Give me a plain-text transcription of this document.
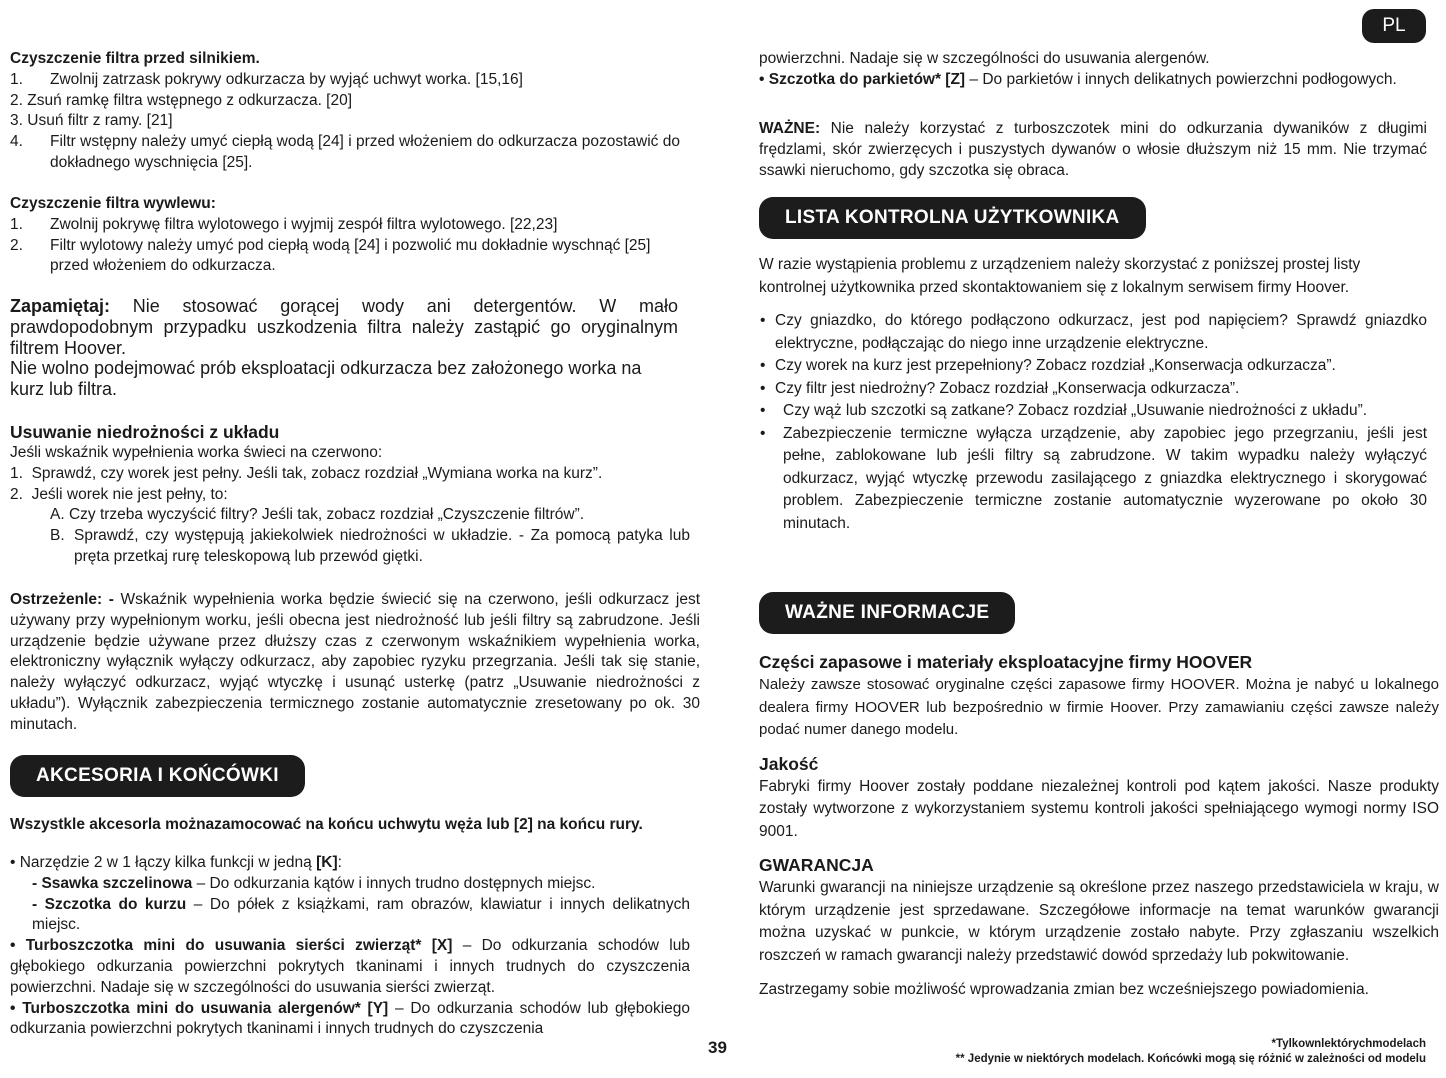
PL
Czyszczenie filtra przed silnikiem.
1. Zwolnij zatrzask pokrywy odkurzacza by wyjąć uchwyt worka. [15,16]
2. Zsuń ramkę filtra wstępnego z odkurzacza. [20]
3. Usuń filtr z ramy. [21]
4. Filtr wstępny należy umyć ciepłą wodą [24] i przed włożeniem do odkurzacza pozostawić do dokładnego wyschnięcia [25].
Czyszczenie filtra wywlewu:
1. Zwolnij pokrywę filtra wylotowego i wyjmij zespół filtra wylotowego. [22,23]
2. Filtr wylotowy należy umyć pod ciepłą wodą [24] i pozwolić mu dokładnie wyschnąć [25] przed włożeniem do odkurzacza.
Zapamiętaj: Nie stosować gorącej wody ani detergentów. W mało prawdopodobnym przypadku uszkodzenia filtra należy zastąpić go oryginalnym filtrem Hoover.
Nie wolno podejmować prób eksploatacji odkurzacza bez założonego worka na kurz lub filtra.
Usuwanie niedrożności z układu
Jeśli wskaźnik wypełnienia worka świeci na czerwono:
1. Sprawdź, czy worek jest pełny. Jeśli tak, zobacz rozdział „Wymiana worka na kurz”.
2. Jeśli worek nie jest pełny, to:
A. Czy trzeba wyczyścić filtry? Jeśli tak, zobacz rozdział „Czyszczenie filtrów”.
B. Sprawdź, czy występują jakiekolwiek niedrożności w układzie. - Za pomocą patyka lub pręta przetkaj rurę teleskopową lub przewód giętki.
Ostrzeżenle: - Wskaźnik wypełnienia worka będzie świecić się na czerwono, jeśli odkurzacz jest używany przy wypełnionym worku, jeśli obecna jest niedrożność lub jeśli filtry są zabrudzone. Jeśli urządzenie będzie używane przez dłuższy czas z czerwonym wskaźnikiem wypełnienia worka, elektroniczny wyłącznik wyłączy odkurzacz, aby zapobiec ryzyku przegrzania. Jeśli tak się stanie, należy wyłączyć odkurzacz, wyjąć wtyczkę i usunąć usterkę (patrz „Usuwanie niedrożności z układu”). Wyłącznik zabezpieczenia termicznego zostanie automatycznie zresetowany po ok. 30 minutach.
AKCESORIA I KOŃCÓWKI
Wszystkle akcesorla możnazamocować na końcu uchwytu węża lub [2] na końcu rury.
• Narzędzie 2 w 1 łączy kilka funkcji w jedną [K]:
- Ssawka szczelinowa – Do odkurzania kątów i innych trudno dostępnych miejsc.
- Szczotka do kurzu – Do półek z książkami, ram obrazów, klawiatur i innych delikatnych miejsc.
• Turboszczotka mini do usuwania sierści zwierząt* [X] – Do odkurzania schodów lub głębokiego odkurzania powierzchni pokrytych tkaninami i innych trudnych do czyszczenia powierzchni. Nadaje się w szczególności do usuwania sierści zwierząt.
• Turboszczotka mini do usuwania alergenów* [Y] – Do odkurzania schodów lub głębokiego odkurzania powierzchni pokrytych tkaninami i innych trudnych do czyszczenia
39
powierzchni. Nadaje się w szczególności do usuwania alergenów.
• Szczotka do parkietów* [Z] – Do parkietów i innych delikatnych powierzchni podłogowych.
WAŻNE: Nie należy korzystać z turboszczotek mini do odkurzania dywaników z długimi frędzlami, skór zwierzęcych i puszystych dywanów o włosie dłuższym niż 15 mm. Nie trzymać ssawki nieruchomo, gdy szczotka się obraca.
LISTA KONTROLNA UŻYTKOWNIKA
W razie wystąpienia problemu z urządzeniem należy skorzystać z poniższej prostej listy kontrolnej użytkownika przed skontaktowaniem się z lokalnym serwisem firmy Hoover.
• Czy gniazdko, do którego podłączono odkurzacz, jest pod napięciem? Sprawdź gniazdko elektryczne, podłączając do niego inne urządzenie elektryczne.
• Czy worek na kurz jest przepełniony? Zobacz rozdział „Konserwacja odkurzacza”.
• Czy filtr jest niedrożny? Zobacz rozdział „Konserwacja odkurzacza”.
• Czy wąż lub szczotki są zatkane? Zobacz rozdział „Usuwanie niedrożności z układu”.
• Zabezpieczenie termiczne wyłącza urządzenie, aby zapobiec jego przegrzaniu, jeśli jest pełne, zablokowane lub jeśli filtry są zabrudzone. W takim wypadku należy wyłączyć odkurzacz, wyjąć wtyczkę przewodu zasilającego z gniazdka elektrycznego i skorygować problem. Zabezpieczenie termiczne zostanie automatycznie wyzerowane po około 30 minutach.
WAŻNE INFORMACJE
Części zapasowe i materiały eksploatacyjne firmy HOOVER
Należy zawsze stosować oryginalne części zapasowe firmy HOOVER. Można je nabyć u lokalnego dealera firmy HOOVER lub bezpośrednio w firmie Hoover. Przy zamawianiu części zawsze należy podać numer danego modelu.
Jakość
Fabryki firmy Hoover zostały poddane niezależnej kontroli pod kątem jakości. Nasze produkty zostały wytworzone z wykorzystaniem systemu kontroli jakości spełniającego wymogi normy ISO 9001.
GWARANCJA
Warunki gwarancji na niniejsze urządzenie są określone przez naszego przedstawiciela w kraju, w którym urządzenie jest sprzedawane. Szczegółowe informacje na temat warunków gwarancji można uzyskać w punkcie, w którym urządzenie zostało nabyte. Przy zgłaszaniu wszelkich roszczeń w ramach gwarancji należy przedstawić dowód sprzedaży lub pokwitowanie.
Zastrzegamy sobie możliwość wprowadzania zmian bez wcześniejszego powiadomienia.
*Tylkownlektórychmodelach
** Jedynie w niektórych modelach. Końcówki mogą się różnić w zależności od modelu
